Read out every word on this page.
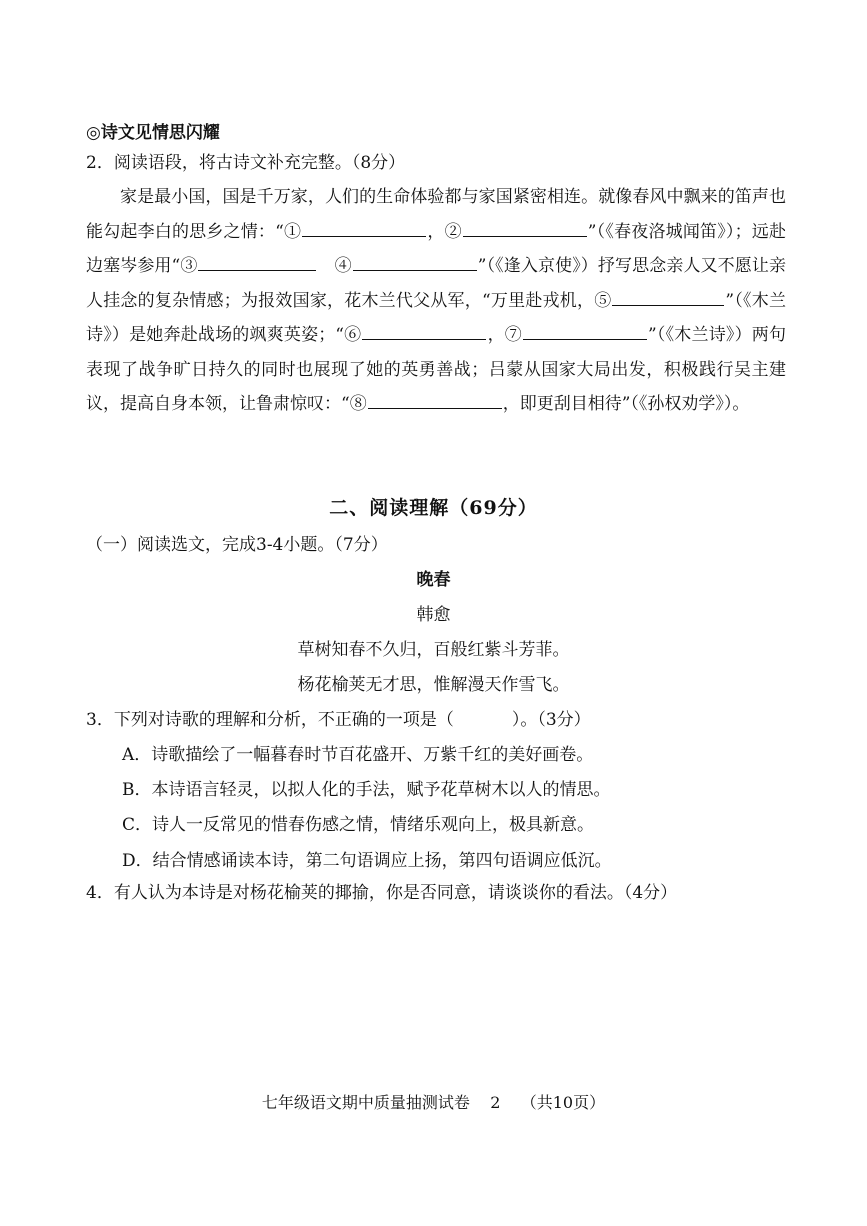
◎诗文见情思闪耀
2．阅读语段，将古诗文补充完整。（8分）

家是最小国，国是千万家，人们的生命体验都与家国紧密相连。就像春风中飘来的笛声也能勾起李白的思乡之情：“①	，②	”（《春夜洛城闻笛》）；远赴边塞岑参用“③　	④	”（《逢入京使》）抒写思念亲人又不愿让亲人挂念的复杂情感；为报效国家，花木兰代父从军，“万里赴戎机，⑤	”（《木兰诗》）是她奔赴战场的飒爽英姿；“⑥	，⑦	”（《木兰诗》）两句表现了战争旷日持久的同时也展现了她的英勇善战；吕蒙从国家大局出发，积极践行吴主建议，提高自身本领，让鲁肃惊叹：“⑧	，即更刮目相待”（《孙权劝学》）。

二、阅读理解（69分）
（一）阅读选文，完成3-4小题。（7分）
晚春
韩愈
草树知春不久归，百般红紫斗芳菲。
杨花榆荚无才思，惟解漫天作雪飞。
3．下列对诗歌的理解和分析，不正确的一项是（	）。（3分）
A．诗歌描绘了一幅暮春时节百花盛开、万紫千红的美好画卷。
B．本诗语言轻灵，以拟人化的手法，赋予花草树木以人的情思。
C．诗人一反常见的惜春伤感之情，情绪乐观向上，极具新意。
D．结合情感诵读本诗，第二句语调应上扬，第四句语调应低沉。
4．有人认为本诗是对杨花榆荚的揶揄，你是否同意，请谈谈你的看法。（4分）
七年级语文期中质量抽测试卷    2    （共10页）
